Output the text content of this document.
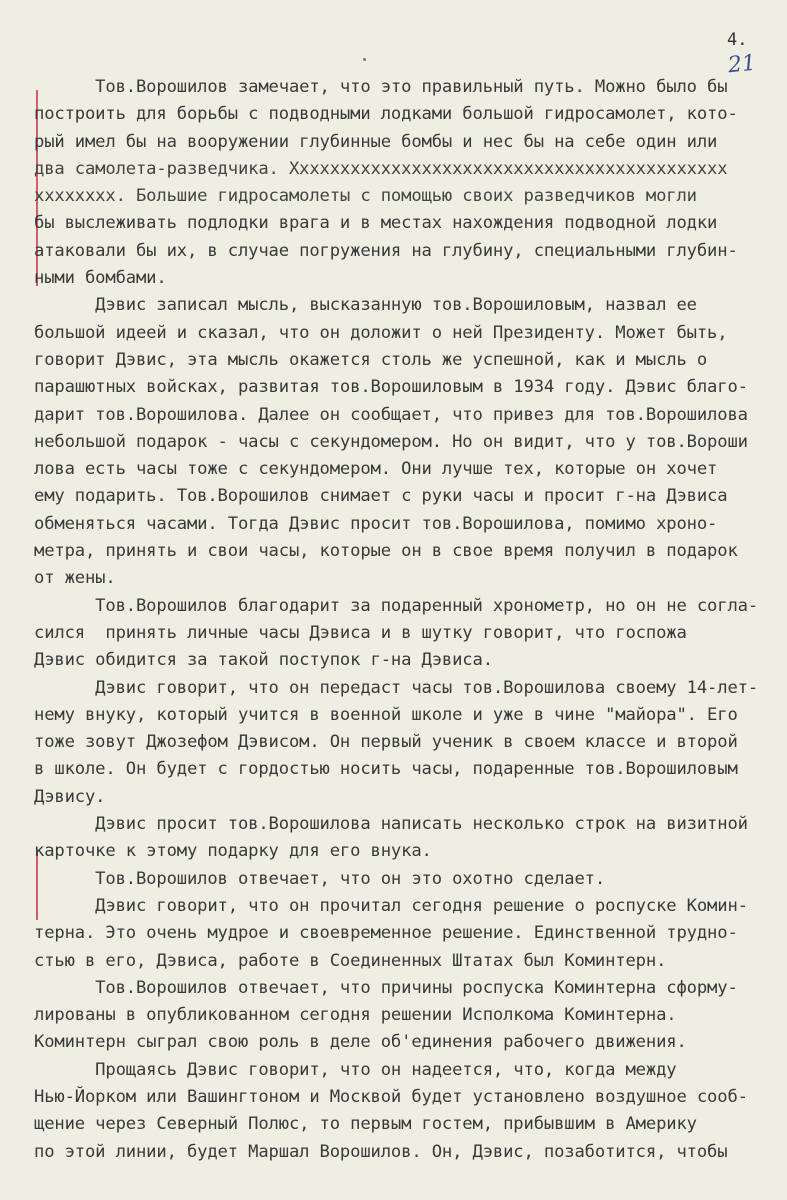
4.
21
Тов.Ворошилов замечает, что это правильный путь. Можно было бы
построить для борьбы с подводными лодками большой гидросамолет, кото-
рый имел бы на вооружении глубинные бомбы и нес бы на себе один или
два самолета-разведчика. Ххххххххххххххххххххххххххххххххххххххххххх
хххххххх. Большие гидросамолеты с помощью своих разведчиков могли
бы выслеживать подлодки врага и в местах нахождения подводной лодки
атаковали бы их, в случае погружения на глубину, специальными глубин-
ными бомбами.
Дэвис записал мысль, высказанную тов.Ворошиловым, назвал ее
большой идеей и сказал, что он доложит о ней Президенту. Может быть,
говорит Дэвис, эта мысль окажется столь же успешной, как и мысль о
парашютных войсках, развитая тов.Ворошиловым в 1934 году. Дэвис благо-
дарит тов.Ворошилова. Далее он сообщает, что привез для тов.Ворошилова
небольшой подарок - часы с секундомером. Но он видит, что у тов.Вороши
лова есть часы тоже с секундомером. Они лучше тех, которые он хочет
ему подарить. Тов.Ворошилов снимает с руки часы и просит г-на Дэвиса
обменяться часами. Тогда Дэвис просит тов.Ворошилова, помимо хроно-
метра, принять и свои часы, которые он в свое время получил в подарок
от жены.
Тов.Ворошилов благодарит за подаренный хронометр, но он не согла-
сился  принять личные часы Дэвиса и в шутку говорит, что госпожа
Дэвис обидится за такой поступок г-на Дэвиса.
Дэвис говорит, что он передаст часы тов.Ворошилова своему 14-лет-
нему внуку, который учится в военной школе и уже в чине "майора". Его
тоже зовут Джозефом Дэвисом. Он первый ученик в своем классе и второй
в школе. Он будет с гордостью носить часы, подаренные тов.Ворошиловым
Дэвису.
Дэвис просит тов.Ворошилова написать несколько строк на визитной
карточке к этому подарку для его внука.
Тов.Ворошилов отвечает, что он это охотно сделает.
Дэвис говорит, что он прочитал сегодня решение о роспуске Комин-
терна. Это очень мудрое и своевременное решение. Единственной трудно-
стью в его, Дэвиса, работе в Соединенных Штатах был Коминтерн.
Тов.Ворошилов отвечает, что причины роспуска Коминтерна сформу-
лированы в опубликованном сегодня решении Исполкома Коминтерна.
Коминтерн сыграл свою роль в деле об'единения рабочего движения.
Прощаясь Дэвис говорит, что он надеется, что, когда между
Нью-Йорком или Вашингтоном и Москвой будет установлено воздушное сооб-
щение через Северный Полюс, то первым гостем, прибывшим в Америку
по этой линии, будет Маршал Ворошилов. Он, Дэвис, позаботится, чтобы
